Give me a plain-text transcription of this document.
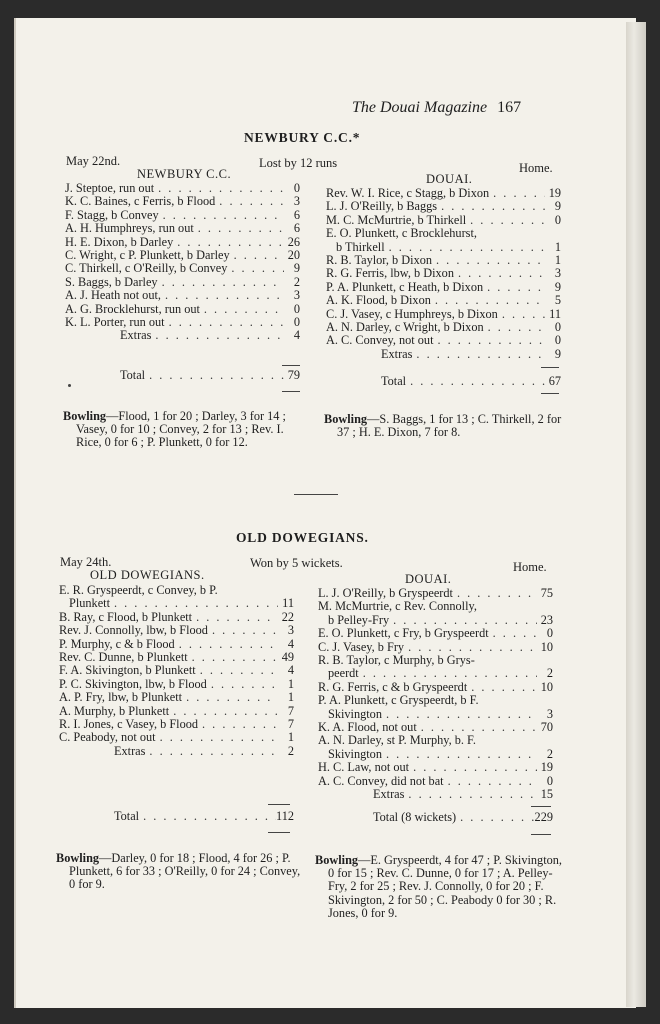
The Douai Magazine 167
NEWBURY C.C.*
May 22nd.	Lost by 12 runs	Home.
NEWBURY C.C.	DOUAI.
J. Steptoe, run out . . .	0
K. C. Baines, c Ferris, b Flood . . .	3
F. Stagg, b Convey . . .	6
A. H. Humphreys, run out . . .	6
H. E. Dixon, b Darley . . .	26
C. Wright, c P. Plunkett, b Darley . . .	20
C. Thirkell, c O'Reilly, b Convey . . .	9
S. Baggs, b Darley . . .	2
A. J. Heath not out, . . .	3
A. G. Brocklehurst, run out . . .	0
K. L. Porter, run out . . .	0
Extras . . .	4
Total . . .	79
Rev. W. I. Rice, c Stagg, b Dixon . . .	19
L. J. O'Reilly, b Baggs . . .	9
M. C. McMurtrie, b Thirkell . . .	0
E. O. Plunkett, c Brocklehurst,
b Thirkell . . .	1
R. B. Taylor, b Dixon . . .	1
R. G. Ferris, lbw, b Dixon . . .	3
P. A. Plunkett, c Heath, b Dixon . . .	9
A. K. Flood, b Dixon . . .	5
C. J. Vasey, c Humphreys, b Dixon . . .	11
A. N. Darley, c Wright, b Dixon . . .	0
A. C. Convey, not out . . .	0
Extras . . .	9
Total . . .	67
Bowling—Flood, 1 for 20 ; Darley, 3 for 14 ; Vasey, 0 for 10 ; Convey, 2 for 13 ; Rev. I. Rice, 0 for 6 ; P. Plunkett, 0 for 12.
Bowling—S. Baggs, 1 for 13 ; C. Thirkell, 2 for 37 ; H. E. Dixon, 7 for 8.
OLD DOWEGIANS.
May 24th.	Won by 5 wickets.	Home.
OLD DOWEGIANS.	DOUAI.
E. R. Gryspeerdt, c Convey, b P.
Plunkett . . .	11
B. Ray, c Flood, b Plunkett . . .	22
Rev. J. Connolly, lbw, b Flood . . .	3
P. Murphy, c & b Flood . . .	4
Rev. C. Dunne, b Plunkett . . .	49
F. A. Skivington, b Plunkett . . .	4
P. C. Skivington, lbw, b Flood . . .	1
A. P. Fry, lbw, b Plunkett . . .	1
A. Murphy, b Plunkett . . .	7
R. I. Jones, c Vasey, b Flood . . .	7
C. Peabody, not out . . .	1
Extras . . .	2
Total . . .	112
L. J. O'Reilly, b Gryspeerdt . . .	75
M. McMurtrie, c Rev. Connolly,
b Pelley-Fry . . .	23
E. O. Plunkett, c Fry, b Gryspeerdt . . .	0
C. J. Vasey, b Fry . . .	10
R. B. Taylor, c Murphy, b Grys-
peerdt . . .	2
R. G. Ferris, c & b Gryspeerdt . . .	10
P. A. Plunkett, c Gryspeerdt, b F.
Skivington . . .	3
K. A. Flood, not out . . .	70
A. N. Darley, st P. Murphy, b. F.
Skivington . . .	2
H. C. Law, not out . . .	19
A. C. Convey, did not bat . . .	0
Extras . . .	15
Total (8 wickets) . . .	229
Bowling—Darley, 0 for 18 ; Flood, 4 for 26 ; P. Plunkett, 6 for 33 ; O'Reilly, 0 for 24 ; Convey, 0 for 9.
Bowling—E. Gryspeerdt, 4 for 47 ; P. Skivington, 0 for 15 ; Rev. C. Dunne, 0 for 17 ; A. Pelley-Fry, 2 for 25 ; Rev. J. Connolly, 0 for 20 ; F. Skivington, 2 for 50 ; C. Peabody 0 for 30 ; R. Jones, 0 for 9.
